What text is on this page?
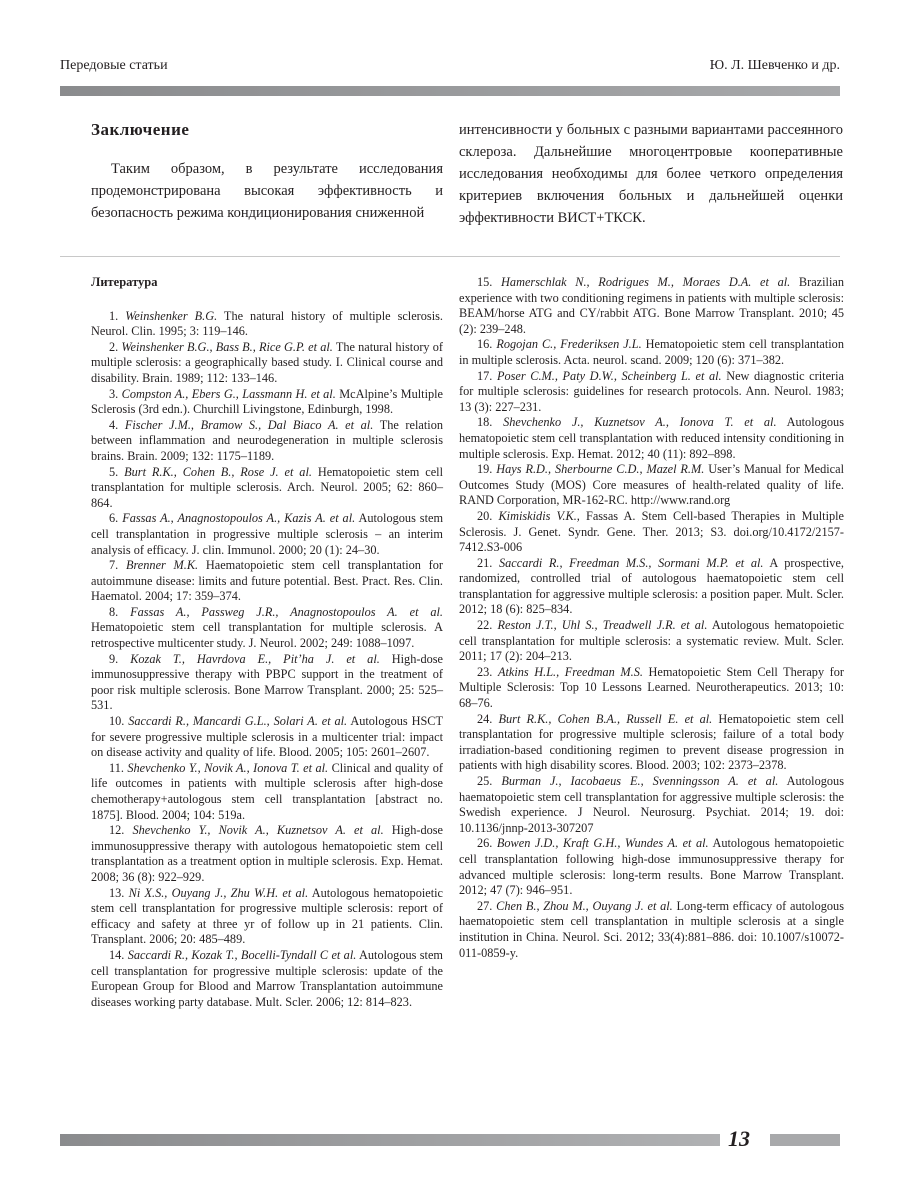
Передовые статьи	Ю. Л. Шевченко и др.
Заключение

Таким образом, в результате исследования продемонстрирована высокая эффективность и безопасность режима кондиционирования сниженной

интенсивности у больных с разными вариантами рассеянного склероза. Дальнейшие многоцентровые кооперативные исследования необходимы для более четкого определения критериев включения больных и дальнейшей оценки эффективности ВИСТ+ТКСК.

Литература

1. Weinshenker B.G. The natural history of multiple sclerosis. Neurol. Clin. 1995; 3: 119–146.

2. Weinshenker B.G., Bass B., Rice G.P. et al. The natural history of multiple sclerosis: a geographically based study. I. Clinical course and disability. Brain. 1989; 112: 133–146.

3. Compston A., Ebers G., Lassmann H. et al. McAlpine’s Multiple Sclerosis (3rd edn.). Churchill Livingstone, Edinburgh, 1998.

4. Fischer J.M., Bramow S., Dal Biaco A. et al. The relation between inflammation and neurodegeneration in multiple sclerosis brains. Brain. 2009; 132: 1175–1189.

5. Burt R.K., Cohen B., Rose J. et al. Hematopoietic stem cell transplantation for multiple sclerosis. Arch. Neurol. 2005; 62: 860–864.

6. Fassas A., Anagnostopoulos A., Kazis A. et al. Autologous stem cell transplantation in progressive multiple sclerosis – an interim analysis of efficacy. J. clin. Immunol. 2000; 20 (1): 24–30.

7. Brenner M.K. Haematopoietic stem cell transplantation for autoimmune disease: limits and future potential. Best. Pract. Res. Clin. Haematol. 2004; 17: 359–374.

8. Fassas A., Passweg J.R., Anagnostopoulos A. et al. Hematopoietic stem cell transplantation for multiple sclerosis. A retrospective multicenter study. J. Neurol. 2002; 249: 1088–1097.

9. Kozak T., Havrdova E., Pit’ha J. et al. High-dose immunosuppressive therapy with PBPC support in the treatment of poor risk multiple sclerosis. Bone Marrow Transplant. 2000; 25: 525–531.

10. Saccardi R., Mancardi G.L., Solari A. et al. Autologous HSCT for severe progressive multiple sclerosis in a multicenter trial: impact on disease activity and quality of life. Blood. 2005; 105: 2601–2607.

11. Shevchenko Y., Novik A., Ionova T. et al. Clinical and quality of life outcomes in patients with multiple sclerosis after high-dose chemotherapy+autologous stem cell transplantation [abstract no. 1875]. Blood. 2004; 104: 519a.

12. Shevchenko Y., Novik A., Kuznetsov A. et al. High-dose immunosuppressive therapy with autologous hematopoietic stem cell transplantation as a treatment option in multiple sclerosis. Exp. Hemat. 2008; 36 (8): 922–929.

13. Ni X.S., Ouyang J., Zhu W.H. et al. Autologous hematopoietic stem cell transplantation for progressive multiple sclerosis: report of efficacy and safety at three yr of follow up in 21 patients. Clin. Transplant. 2006; 20: 485–489.

14. Saccardi R., Kozak T., Bocelli-Tyndall C et al. Autologous stem cell transplantation for progressive multiple sclerosis: update of the European Group for Blood and Marrow Transplantation autoimmune diseases working party database. Mult. Scler. 2006; 12: 814–823.

15. Hamerschlak N., Rodrigues M., Moraes D.A. et al. Brazilian experience with two conditioning regimens in patients with multiple sclerosis: BEAM/horse ATG and CY/rabbit ATG. Bone Marrow Transplant. 2010; 45 (2): 239–248.

16. Rogojan C., Frederiksen J.L. Hematopoietic stem cell transplantation in multiple sclerosis. Acta. neurol. scand. 2009; 120 (6): 371–382.

17. Poser C.M., Paty D.W., Scheinberg L. et al. New diagnostic criteria for multiple sclerosis: guidelines for research protocols. Ann. Neurol. 1983; 13 (3): 227–231.

18. Shevchenko J., Kuznetsov A., Ionova T. et al. Autologous hematopoietic stem cell transplantation with reduced intensity conditioning in multiple sclerosis. Exp. Hemat. 2012; 40 (11): 892–898.

19. Hays R.D., Sherbourne C.D., Mazel R.M. User’s Manual for Medical Outcomes Study (MOS) Core measures of health-related quality of life. RAND Corporation, MR-162-RC. http://www.rand.org

20. Kimiskidis V.K., Fassas A. Stem Cell-based Therapies in Multiple Sclerosis. J. Genet. Syndr. Gene. Ther. 2013; S3. doi.org/10.4172/2157-7412.S3-006

21. Saccardi R., Freedman M.S., Sormani M.P. et al. A prospective, randomized, controlled trial of autologous haematopoietic stem cell transplantation for aggressive multiple sclerosis: a position paper. Mult. Scler. 2012; 18 (6): 825–834.

22. Reston J.T., Uhl S., Treadwell J.R. et al. Autologous hematopoietic cell transplantation for multiple sclerosis: a systematic review. Mult. Scler. 2011; 17 (2): 204–213.

23. Atkins H.L., Freedman M.S. Hematopoietic Stem Cell Therapy for Multiple Sclerosis: Top 10 Lessons Learned. Neurotherapeutics. 2013; 10: 68–76.

24. Burt R.K., Cohen B.A., Russell E. et al. Hematopoietic stem cell transplantation for progressive multiple sclerosis; failure of a total body irradiation-based conditioning regimen to prevent disease progression in patients with high disability scores. Blood. 2003; 102: 2373–2378.

25. Burman J., Iacobaeus E., Svenningsson A. et al. Autologous haematopoietic stem cell transplantation for aggressive multiple sclerosis: the Swedish experience. J Neurol. Neurosurg. Psychiat. 2014; 19. doi: 10.1136/jnnp-2013-307207

26. Bowen J.D., Kraft G.H., Wundes A. et al. Autologous hematopoietic cell transplantation following high-dose immunosuppressive therapy for advanced multiple sclerosis: long-term results. Bone Marrow Transplant. 2012; 47 (7): 946–951.

27. Chen B., Zhou M., Ouyang J. et al. Long-term efficacy of autologous haematopoietic stem cell transplantation in multiple sclerosis at a single institution in China. Neurol. Sci. 2012; 33(4):881–886. doi: 10.1007/s10072-011-0859-y.

13
